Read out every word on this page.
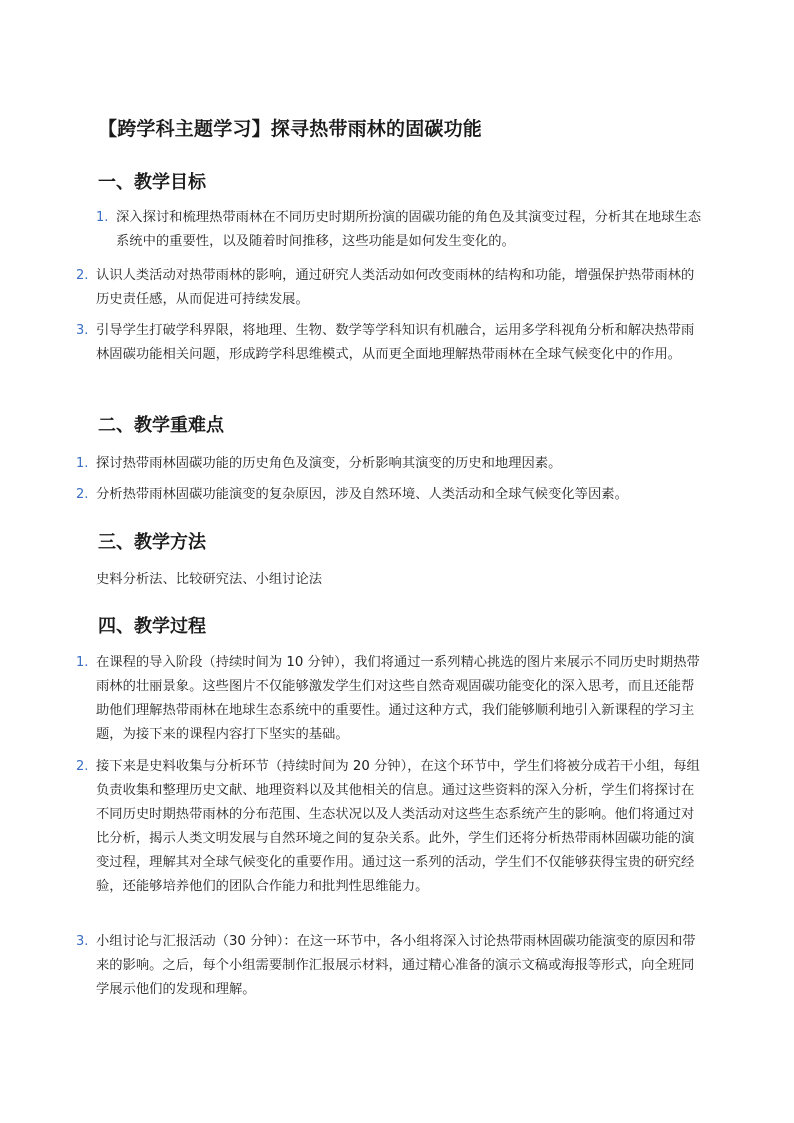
【跨学科主题学习】探寻热带雨林的固碳功能
一、教学目标
1. 深入探讨和梳理热带雨林在不同历史时期所扮演的固碳功能的角色及其演变过程，分析其在地球生态系统中的重要性，以及随着时间推移，这些功能是如何发生变化的。
2. 认识人类活动对热带雨林的影响，通过研究人类活动如何改变雨林的结构和功能，增强保护热带雨林的历史责任感，从而促进可持续发展。
3. 引导学生打破学科界限，将地理、生物、数学等学科知识有机融合，运用多学科视角分析和解决热带雨林固碳功能相关问题，形成跨学科思维模式，从而更全面地理解热带雨林在全球气候变化中的作用。
二、教学重难点
1. 探讨热带雨林固碳功能的历史角色及演变，分析影响其演变的历史和地理因素。
2. 分析热带雨林固碳功能演变的复杂原因，涉及自然环境、人类活动和全球气候变化等因素。
三、教学方法
史料分析法、比较研究法、小组讨论法
四、教学过程
1. 在课程的导入阶段（持续时间为 10 分钟），我们将通过一系列精心挑选的图片来展示不同历史时期热带雨林的壮丽景象。这些图片不仅能够激发学生们对这些自然奇观固碳功能变化的深入思考，而且还能帮助他们理解热带雨林在地球生态系统中的重要性。通过这种方式，我们能够顺利地引入新课程的学习主题，为接下来的课程内容打下坚实的基础。
2. 接下来是史料收集与分析环节（持续时间为 20 分钟），在这个环节中，学生们将被分成若干小组，每组负责收集和整理历史文献、地理资料以及其他相关的信息。通过这些资料的深入分析，学生们将探讨在不同历史时期热带雨林的分布范围、生态状况以及人类活动对这些生态系统产生的影响。他们将通过对比分析，揭示人类文明发展与自然环境之间的复杂关系。此外，学生们还将分析热带雨林固碳功能的演变过程，理解其对全球气候变化的重要作用。通过这一系列的活动，学生们不仅能够获得宝贵的研究经验，还能够培养他们的团队合作能力和批判性思维能力。
3. 小组讨论与汇报活动（30 分钟）：在这一环节中，各小组将深入讨论热带雨林固碳功能演变的原因和带来的影响。之后，每个小组需要制作汇报展示材料，通过精心准备的演示文稿或海报等形式，向全班同学展示他们的发现和理解。
